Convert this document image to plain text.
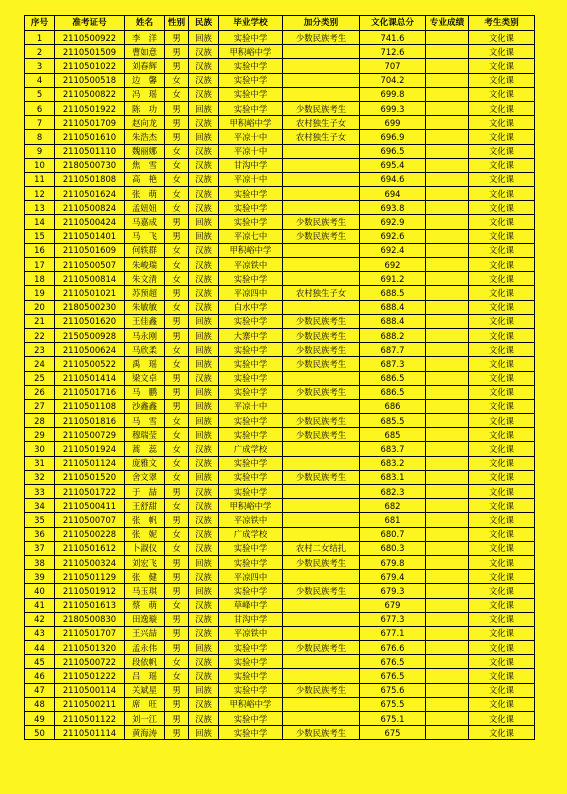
序号	准考证号	姓名	性别	民族	毕业学校	加分类别	文化课总分	专业成绩	考生类别
1	2110500922	李　洋	男	回族	实验中学	少数民族考生	741.6		文化课
2	2110501509	曹如意	男	汉族	甲积峪中学		712.6		文化课
3	2110501022	刘春辉	男	汉族	实验中学		707		文化课
4	2110500518	边　馨	女	汉族	实验中学		704.2		文化课
5	2110500822	冯　瑶	女	汉族	实验中学		699.8		文化课
6	2110501922	陈　功	男	回族	实验中学	少数民族考生	699.3		文化课
7	2110501709	赵向龙	男	汉族	甲积峪中学	农村独生子女	699		文化课
8	2110501610	朱浩杰	男	回族	平凉十中	农村独生子女	696.9		文化课
9	2110501110	魏丽娜	女	汉族	平凉十中		696.5		文化课
10	2180500730	焦　雪	女	汉族	甘沟中学		695.4		文化课
11	2110501808	高　艳	女	汉族	平凉十中		694.6		文化课
12	2110501624	张　萌	女	汉族	实验中学		694		文化课
13	2110500824	孟妞妞	女	汉族	实验中学		693.8		文化课
14	2110500424	马嘉成	男	回族	实验中学	少数民族考生	692.9		文化课
15	2110501401	马　飞	男	回族	平凉七中	少数民族考生	692.6		文化课
16	2110501609	何轶群	女	汉族	甲积峪中学		692.4		文化课
17	2110500507	朱峻瑞	女	汉族	平凉铁中		692		文化课
18	2110500814	朱文清	女	汉族	实验中学		691.2		文化课
19	2110501021	苏预超	男	汉族	平凉四中	农村独生子女	688.5		文化课
20	2180500230	朱敏敏	女	汉族	白水中学		688.4		文化课
21	2110501620	王佳鑫	男	回族	实验中学	少数民族考生	688.4		文化课
22	2150500928	马永刚	男	回族	大寨中学	少数民族考生	688.2		文化课
23	2110500624	马欣柔	女	回族	实验中学	少数民族考生	687.7		文化课
24	2110500522	禹　瑶	女	回族	实验中学	少数民族考生	687.3		文化课
25	2110501414	梁文卓	男	汉族	实验中学		686.5		文化课
26	2110501716	马　鹏	男	回族	实验中学	少数民族考生	686.5		文化课
27	2110501108	沙鑫鑫	男	回族	平凉十中		686		文化课
28	2110501816	马　雪	女	回族	实验中学	少数民族考生	685.5		文化课
29	2110500729	穆瑞莹	女	回族	实验中学	少数民族考生	685		文化课
30	2110501924	蒿　蕊	女	汉族	广成学校		683.7		文化课
31	2110501124	庞雅文	女	汉族	实验中学		683.2		文化课
32	2110501520	舍文翠	女	回族	实验中学	少数民族考生	683.1		文化课
33	2110501722	于　喆	男	汉族	实验中学		682.3		文化课
34	2110500411	王舒甜	女	汉族	甲积峪中学		682		文化课
35	2110500707	张　帆	男	汉族	平凉铁中		681		文化课
36	2110500228	张　妮	女	汉族	广成学校		680.7		文化课
37	2110501612	卜淑仪	女	汉族	实验中学	农村二女结扎	680.3		文化课
38	2110500324	刘宏飞	男	回族	实验中学	少数民族考生	679.8		文化课
39	2110501129	张　健	男	汉族	平凉四中		679.4		文化课
40	2110501912	马玉琪	男	回族	实验中学	少数民族考生	679.3		文化课
41	2110501613	蔡　萌	女	汉族	草峰中学		679		文化课
42	2180500830	田逸璇	男	汉族	甘沟中学		677.3		文化课
43	2110501707	王兴喆	男	汉族	平凉铁中		677.1		文化课
44	2110501320	孟永伟	男	回族	实验中学	少数民族考生	676.6		文化课
45	2110500722	段依帆	女	汉族	实验中学		676.5		文化课
46	2110501222	吕　瑶	女	汉族	实验中学		676.5		文化课
47	2110500114	关斌星	男	回族	实验中学	少数民族考生	675.6		文化课
48	2110500211	席　旺	男	汉族	甲积峪中学		675.5		文化课
49	2110501122	刘一江	男	汉族	实验中学		675.1		文化课
50	2110501114	黄海涛	男	回族	实验中学	少数民族考生	675		文化课
